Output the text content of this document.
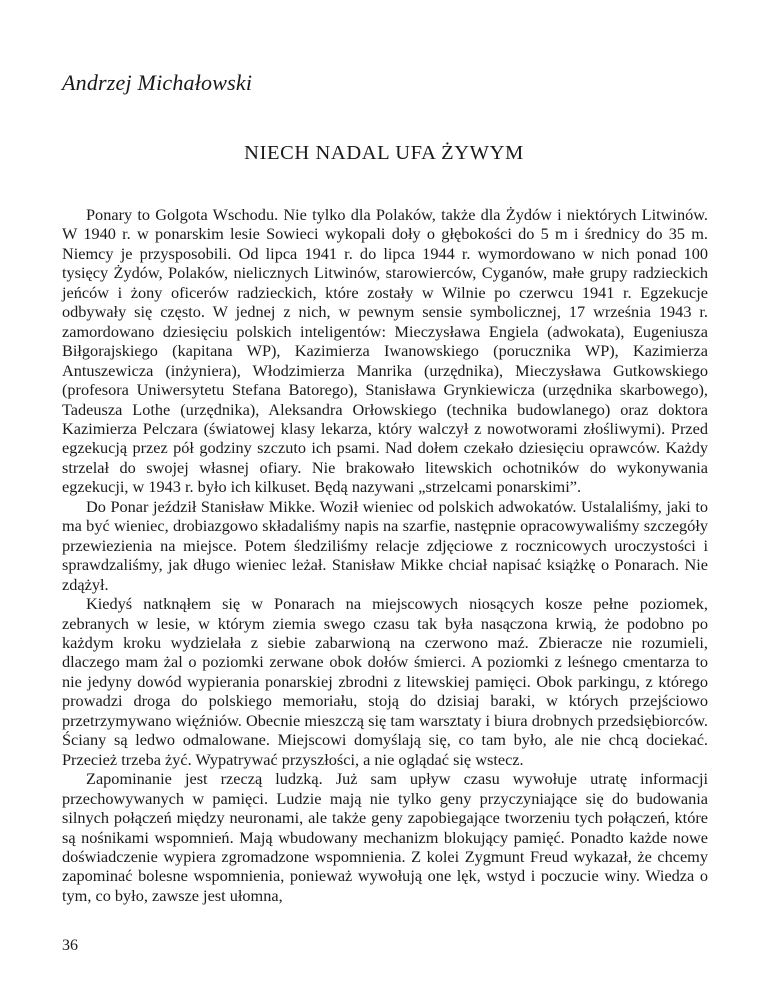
Andrzej Michałowski
NIECH NADAL UFA ŻYWYM

Ponary to Golgota Wschodu. Nie tylko dla Polaków, także dla Żydów i niektórych Litwinów. W 1940 r. w ponarskim lesie Sowieci wykopali doły o głębokości do 5 m i średnicy do 35 m. Niemcy je przysposobili. Od lipca 1941 r. do lipca 1944 r. wymordowano w nich ponad 100 tysięcy Żydów, Polaków, nielicznych Litwinów, starowierców, Cyganów, małe grupy radzieckich jeńców i żony oficerów radzieckich, które zostały w Wilnie po czerwcu 1941 r. Egzekucje odbywały się często. W jednej z nich, w pewnym sensie symbolicznej, 17 września 1943 r. zamordowano dziesięciu polskich inteligentów: Mieczysława Engiela (adwokata), Eugeniusza Biłgorajskiego (kapitana WP), Kazimierza Iwanowskiego (porucznika WP), Kazimierza Antuszewicza (inżyniera), Włodzimierza Manrika (urzędnika), Mieczysława Gutkowskiego (profesora Uniwersytetu Stefana Batorego), Stanisława Grynkiewicza (urzędnika skarbowego), Tadeusza Lothe (urzędnika), Aleksandra Orłowskiego (technika budowlanego) oraz doktora Kazimierza Pelczara (światowej klasy lekarza, który walczył z nowotworami złośliwymi). Przed egzekucją przez pół godziny szczuto ich psami. Nad dołem czekało dziesięciu oprawców. Każdy strzelał do swojej własnej ofiary. Nie brakowało litewskich ochotników do wykonywania egzekucji, w 1943 r. było ich kilkuset. Będą nazywani „strzelcami ponarskimi”.

Do Ponar jeździł Stanisław Mikke. Woził wieniec od polskich adwokatów. Ustalaliśmy, jaki to ma być wieniec, drobiazgowo składaliśmy napis na szarfie, następnie opracowywaliśmy szczegóły przewiezienia na miejsce. Potem śledziliśmy relacje zdjęciowe z rocznicowych uroczystości i sprawdzaliśmy, jak długo wieniec leżał. Stanisław Mikke chciał napisać książkę o Ponarach. Nie zdążył.

Kiedyś natknąłem się w Ponarach na miejscowych niosących kosze pełne poziomek, zebranych w lesie, w którym ziemia swego czasu tak była nasączona krwią, że podobno po każdym kroku wydzielała z siebie zabarwioną na czerwono maź. Zbieracze nie rozumieli, dlaczego mam żal o poziomki zerwane obok dołów śmierci. A poziomki z leśnego cmentarza to nie jedyny dowód wypierania ponarskiej zbrodni z litewskiej pamięci. Obok parkingu, z którego prowadzi droga do polskiego memoriału, stoją do dzisiaj baraki, w których przejściowo przetrzymywano więźniów. Obecnie mieszczą się tam warsztaty i biura drobnych przedsiębiorców. Ściany są ledwo odmalowane. Miejscowi domyślają się, co tam było, ale nie chcą dociekać. Przecież trzeba żyć. Wypatrywać przyszłości, a nie oglądać się wstecz.

Zapominanie jest rzeczą ludzką. Już sam upływ czasu wywołuje utratę informacji przechowywanych w pamięci. Ludzie mają nie tylko geny przyczyniające się do budowania silnych połączeń między neuronami, ale także geny zapobiegające tworzeniu tych połączeń, które są nośnikami wspomnień. Mają wbudowany mechanizm blokujący pamięć. Ponadto każde nowe doświadczenie wypiera zgromadzone wspomnienia. Z kolei Zygmunt Freud wykazał, że chcemy zapominać bolesne wspomnienia, ponieważ wywołują one lęk, wstyd i poczucie winy. Wiedza o tym, co było, zawsze jest ułomna,

36
